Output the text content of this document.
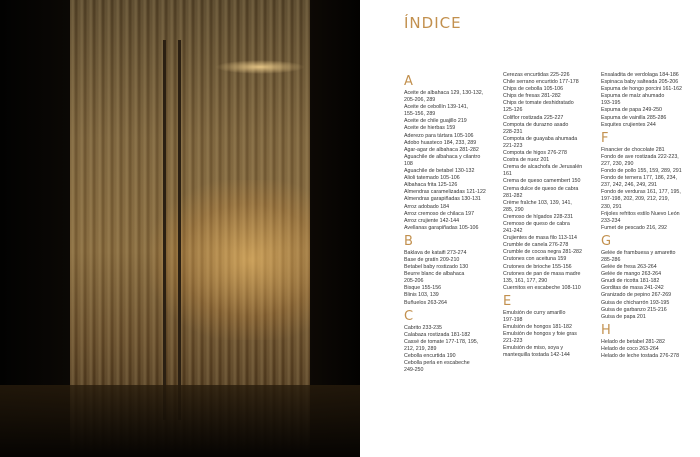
ÍNDICE
A
Aceite de albahaca 129, 130-132,
205-206, 289
Aceite de cebollín 139-141,
155-156, 289
Aceite de chile guajillo 219
Aceite de hierbas 159
Aderezo para tártara 105-106
Adobo huasteco 184, 233, 289
Agar-agar de albahaca 281-282
Aguachile de albahaca y cilantro
108
Aguachile de betabel 130-132
Alioli tatemado 105-106
Albahaca frita 125-126
Almendras caramelizadas 121-122
Almendras garapiñadas 130-131
Arroz adobado 184
Arroz cremoso de chilaca 197
Arroz crujiente 142-144
Avellanas garapiñadas 105-106
B
Baklava de kataifi 273-274
Base de gratín 209-210
Betabel baby rostizado 130
Beurre blanc de albahaca
205-206
Bisque 155-156
Blinis 103, 139
Buñuelos 263-264
C
Cabrito 233-235
Calabaza rostizada 181-182
Cassé de tomate 177-178, 195,
212, 219, 289
Cebolla encurtida 190
Cebolla perla en escabeche
249-250
Cerezas encurtidas 225-226
Chile serrano encurtido 177-178
Chips de cebolla 105-106
Chips de fresas 281-282
Chips de tomate deshidratado
125-126
Coliflor rostizada 225-227
Compota de durazno asado
228-231
Compota de guayaba ahumada
221-223
Compota de higos 276-278
Costra de nuez 201
Crema de alcachofa de Jerusalén
161
Crema de queso camembert 150
Crema dulce de queso de cabra
281-282
Crème fraîche 103, 139, 141,
285, 290
Cremoso de hígados 228-231
Cremoso de queso de cabra
241-242
Crujientes de masa filo 113-114
Crumble de canela 276-278
Crumble de cocoa negra 281-282
Crutones con aceituna 159
Crutones de brioche 155-156
Crutones de pan de masa madre
135, 161, 177, 290
Cuernitos en escabeche 108-110
E
Emulsión de curry amarillo
197-198
Emulsión de hongos 181-182
Emulsión de hongos y foie gras
221-223
Emulsión de miso, soya y
mantequilla tostada 142-144
Ensaladita de verdolaga 184-186
Espinaca baby salteada 205-206
Espuma de hongo porcini 161-162
Espuma de maíz ahumado
193-195
Espuma de papa 249-250
Espuma de vainilla 285-286
Esquites crujientes 244
F
Financier de chocolate 281
Fondo de ave rostizada 222-223,
227, 230, 290
Fondo de pollo 155, 159, 289, 291
Fondo de ternera 177, 186, 234,
237, 242, 246, 249, 291
Fondo de verduras 161, 177, 195,
197-198, 202, 209, 212, 219,
230, 291
Frijoles refritos estilo Nuevo León
233-234
Fumet de pescado 216, 292
G
Gelée de frambuesa y amaretto
285-286
Gelée de fresa 263-264
Gelée de mango 263-264
Gnudi de ricotta 181-182
Gorditas de masa 241-242
Granizado de pepino 267-269
Guisa de chicharrón 193-195
Guisa de garbanzo 215-216
Guisa de papa 201
H
Helado de betabel 281-282
Helado de coco 263-264
Helado de leche tostada 276-278
